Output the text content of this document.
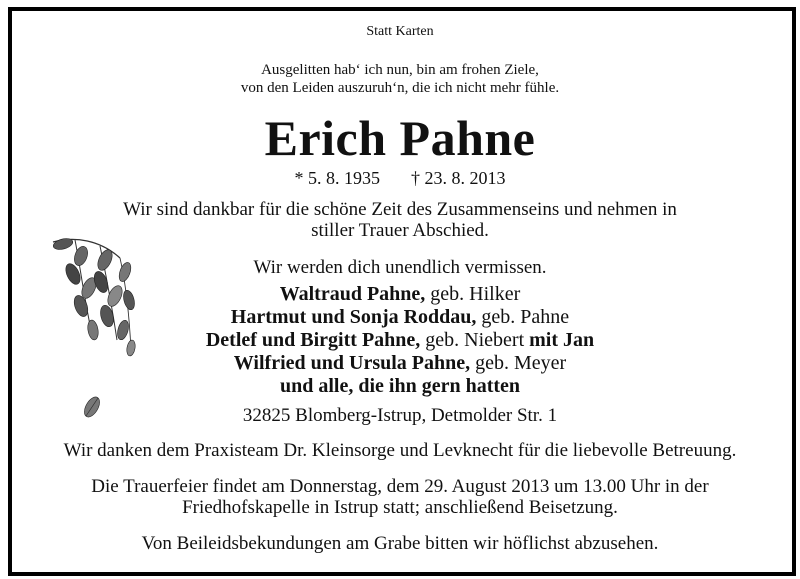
Statt Karten
Ausgelitten hab‘ ich nun, bin am frohen Ziele,
von den Leiden auszuruh‘n, die ich nicht mehr fühle.
Erich Pahne
* 5. 8. 1935 † 23. 8. 2013
Wir sind dankbar für die schöne Zeit des Zusammenseins und nehmen in
stiller Trauer Abschied.
Wir werden dich unendlich vermissen.
Waltraud Pahne, geb. Hilker
Hartmut und Sonja Roddau, geb. Pahne
Detlef und Birgitt Pahne, geb. Niebert mit Jan
Wilfried und Ursula Pahne, geb. Meyer
und alle, die ihn gern hatten
32825 Blomberg-Istrup, Detmolder Str. 1
Wir danken dem Praxisteam Dr. Kleinsorge und Levknecht für die liebevolle Betreuung.
Die Trauerfeier findet am Donnerstag, dem 29. August 2013 um 13.00 Uhr in der
Friedhofskapelle in Istrup statt; anschließend Beisetzung.
Von Beileidsbekundungen am Grabe bitten wir höflichst abzusehen.
